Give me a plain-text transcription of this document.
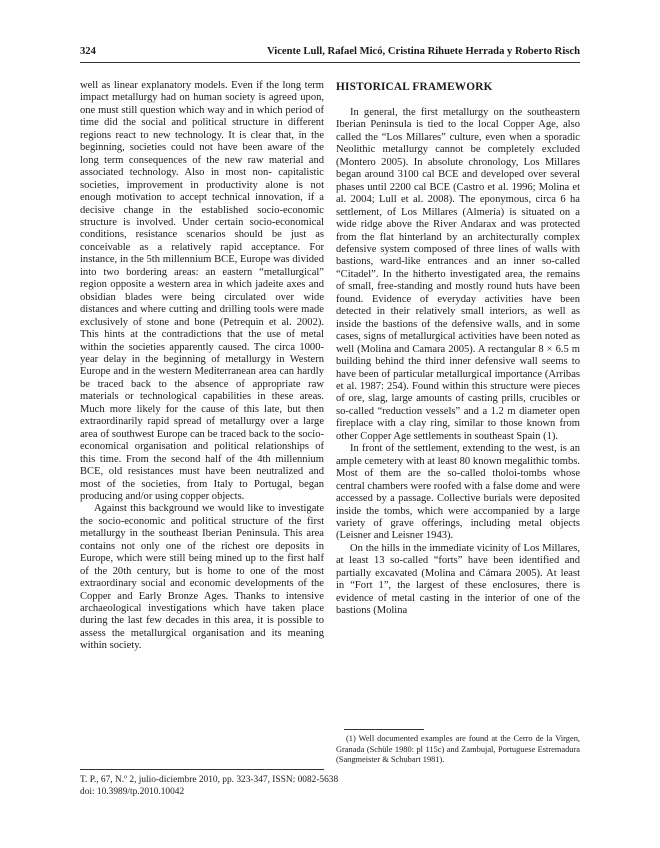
324	Vicente Lull, Rafael Micó, Cristina Rihuete Herrada y Roberto Risch

well as linear explanatory models. Even if the long term impact metallurgy had on human society is agreed upon, one must still question which way and in which period of time did the social and political structure in different regions react to new technology. It is clear that, in the beginning, societies could not have been aware of the long term consequences of the new raw material and associated technology. Also in most non- capitalistic societies, improvement in productivity alone is not enough motivation to accept technical innovation, if a decisive change in the established socio-economic structure is involved. Under certain socio-economical conditions, resistance scenarios should be just as conceivable as a relatively rapid acceptance. For instance, in the 5th millennium BCE, Europe was divided into two bordering areas: an eastern “metallurgical” region opposite a western area in which jadeite axes and obsidian blades were being circulated over wide distances and where cutting and drilling tools were made exclusively of stone and bone (Petrequin et al. 2002). This hints at the contradictions that the use of metal within the societies apparently caused. The circa 1000-year delay in the beginning of metallurgy in Western Europe and in the western Mediterranean area can hardly be traced back to the absence of appropriate raw materials or technological capabilities in these areas. Much more likely for the cause of this late, but then extraordinarily rapid spread of metallurgy over a large area of southwest Europe can be traced back to the socio-economical organisation and political relationships of this time. From the second half of the 4th millennium BCE, old resistances must have been neutralized and most of the societies, from Italy to Portugal, began producing and/or using copper objects.

Against this background we would like to investigate the socio-economic and political structure of the first metallurgy in the southeast Iberian Peninsula. This area contains not only one of the richest ore deposits in Europe, which were still being mined up to the first half of the 20th century, but is home to one of the most extraordinary social and economic developments of the Copper and Early Bronze Ages. Thanks to intensive archaeological investigations which have taken place during the last few decades in this area, it is possible to assess the metallurgical organisation and its meaning within society.

HISTORICAL FRAMEWORK

In general, the first metallurgy on the southeastern Iberian Peninsula is tied to the local Copper Age, also called the “Los Millares” culture, even when a sporadic Neolithic metallurgy cannot be completely excluded (Montero 2005). In absolute chronology, Los Millares began around 3100 cal BCE and developed over several phases until 2200 cal BCE (Castro et al. 1996; Molina et al. 2004; Lull et al. 2008). The eponymous, circa 6 ha settlement, of Los Millares (Almería) is situated on a wide ridge above the River Andarax and was protected from the flat hinterland by an architecturally complex defensive system composed of three lines of walls with bastions, ward-like entrances and an inner so-called “Citadel”. In the hitherto investigated area, the remains of small, free-standing and mostly round huts have been found. Evidence of everyday activities have been detected in their relatively small interiors, as well as inside the bastions of the defensive walls, and in some cases, signs of metallurgical activities have been noted as well (Molina and Camara 2005). A rectangular 8 × 6.5 m building behind the third inner defensive wall seems to have been of particular metallurgical importance (Arribas et al. 1987: 254). Found within this structure were pieces of ore, slag, large amounts of casting prills, crucibles or so-called “reduction vessels” and a 1.2 m diameter open fireplace with a clay ring, similar to those known from other Copper Age settlements in southeast Spain (1).

In front of the settlement, extending to the west, is an ample cemetery with at least 80 known megalithic tombs. Most of them are the so-called tholoi-tombs whose central chambers were roofed with a false dome and were accessed by a passage. Collective burials were deposited inside the tombs, which were accompanied by a large variety of grave offerings, including metal objects (Leisner and Leisner 1943).

On the hills in the immediate vicinity of Los Millares, at least 13 so-called “forts” have been identified and partially excavated (Molina and Cámara 2005). At least in “Fort 1”, the largest of these enclosures, there is evidence of metal casting in the interior of one of the bastions (Molina

(1) Well documented examples are found at the Cerro de la Virgen, Granada (Schüle 1980: pl 115c) and Zambujal, Portuguese Estremadura (Sangmeister & Schubart 1981).

T. P., 67, N.º 2, julio-diciembre 2010, pp. 323-347, ISSN: 0082-5638
doi: 10.3989/tp.2010.10042
